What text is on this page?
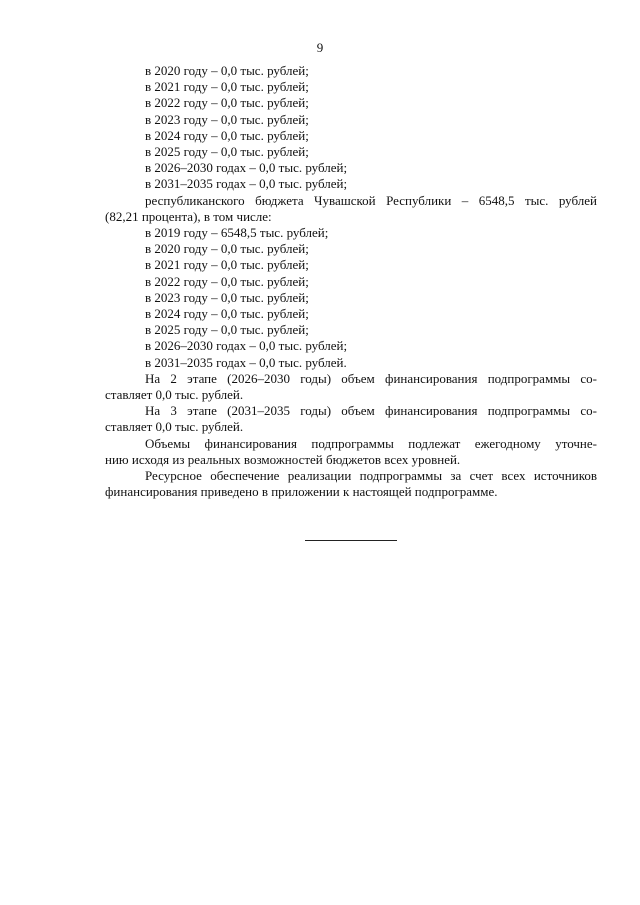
9
в 2020 году – 0,0 тыс. рублей;
в 2021 году – 0,0 тыс. рублей;
в 2022 году – 0,0 тыс. рублей;
в 2023 году – 0,0 тыс. рублей;
в 2024 году – 0,0 тыс. рублей;
в 2025 году – 0,0 тыс. рублей;
в 2026–2030 годах – 0,0 тыс. рублей;
в 2031–2035 годах – 0,0 тыс. рублей;
республиканского бюджета Чувашской Республики – 6548,5 тыс. рублей
(82,21 процента), в том числе:
в 2019 году – 6548,5 тыс. рублей;
в 2020 году – 0,0 тыс. рублей;
в 2021 году – 0,0 тыс. рублей;
в 2022 году – 0,0 тыс. рублей;
в 2023 году – 0,0 тыс. рублей;
в 2024 году – 0,0 тыс. рублей;
в 2025 году – 0,0 тыс. рублей;
в 2026–2030 годах – 0,0 тыс. рублей;
в 2031–2035 годах – 0,0 тыс. рублей.
На 2 этапе (2026–2030 годы) объем финансирования подпрограммы со-
ставляет 0,0 тыс. рублей.
На 3 этапе (2031–2035 годы) объем финансирования подпрограммы со-
ставляет 0,0 тыс. рублей.
Объемы финансирования подпрограммы подлежат ежегодному уточне-
нию исходя из реальных возможностей бюджетов всех уровней.
Ресурсное обеспечение реализации подпрограммы за счет всех источников
финансирования приведено в приложении к настоящей подпрограмме.
